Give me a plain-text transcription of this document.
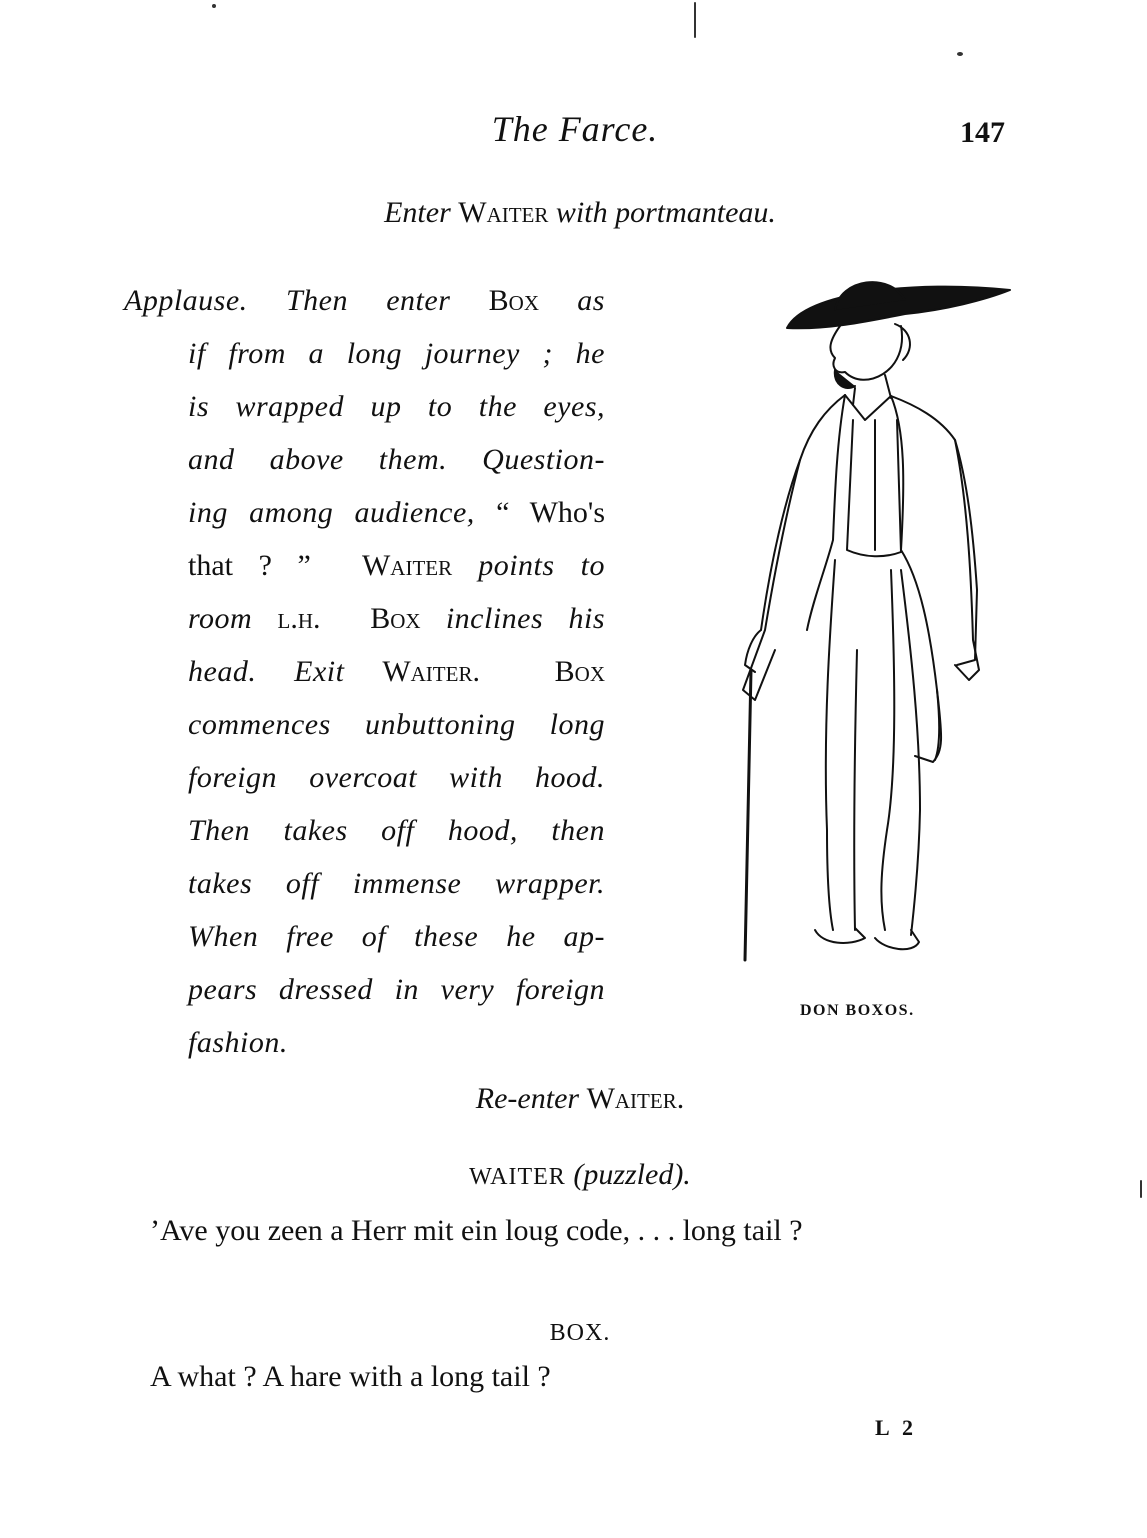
The Farce.	147
Enter Waiter with portmanteau.
Applause. Then enter Box as
if from a long journey ; he
is wrapped up to the eyes,
and above them. Question-
ing among audience, “ Who's
that ? ”  Waiter points to
room l.h. Box inclines his
head. Exit Waiter. Box
commences unbuttoning long
foreign overcoat with hood.
Then takes off hood, then
takes off immense wrapper.
When free of these he ap-
pears dressed in very foreign
fashion.
DON BOXOS.
Re-enter Waiter.
WAITER (puzzled).
’Ave you zeen a Herr mit ein loug code, . . . long tail ?
BOX.
A what ? A hare with a long tail ?
L 2
